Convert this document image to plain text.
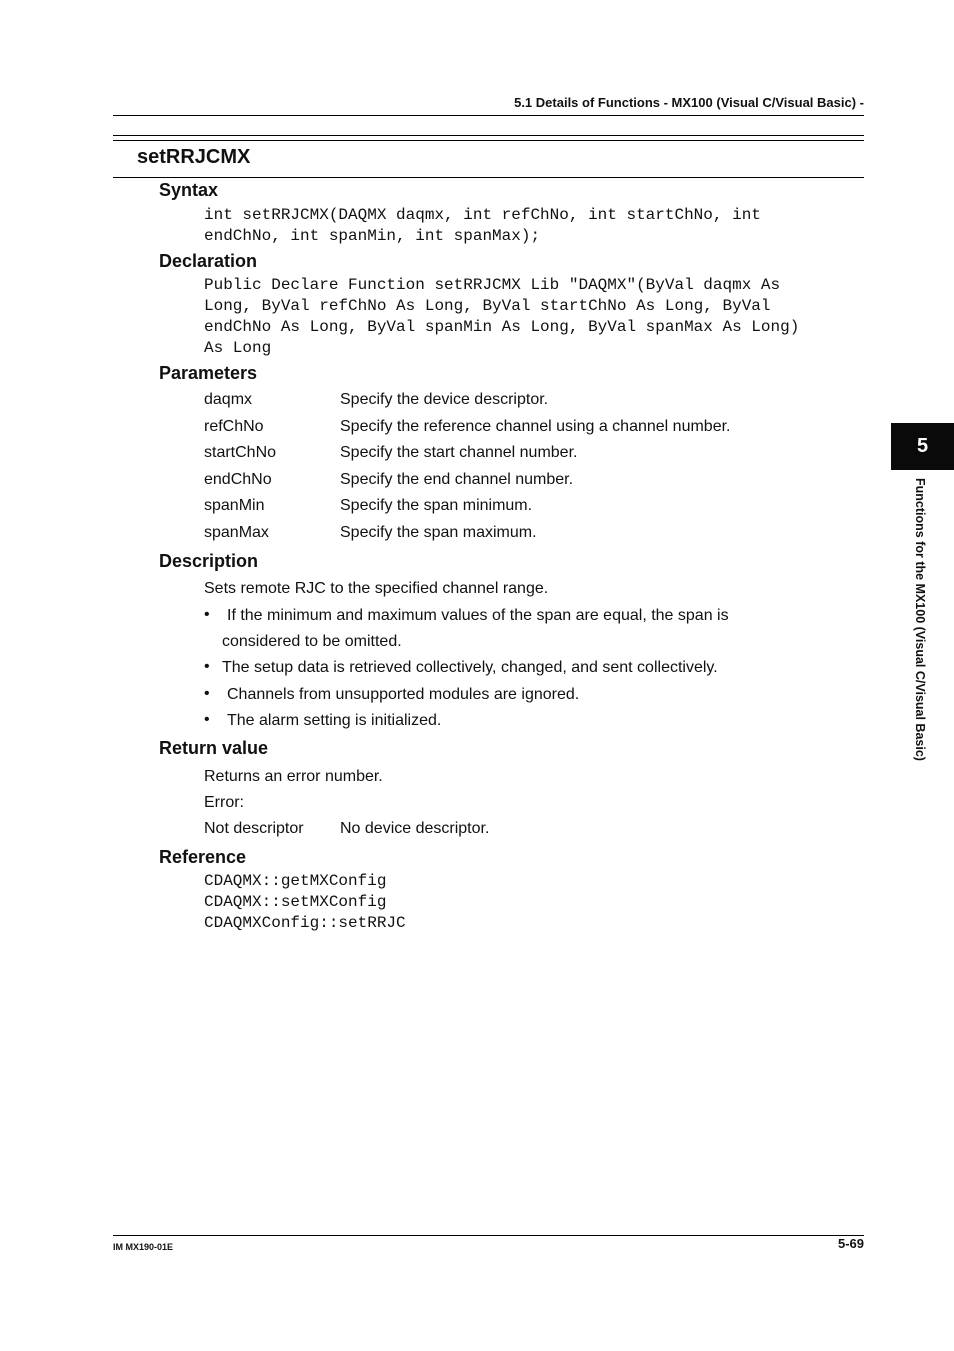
5.1 Details of Functions - MX100 (Visual C/Visual Basic) -
setRRJCMX
Syntax
int setRRJCMX(DAQMX daqmx, int refChNo, int startChNo, int
endChNo, int spanMin, int spanMax);
Declaration
Public Declare Function setRRJCMX Lib "DAQMX"(ByVal daqmx As
Long, ByVal refChNo As Long, ByVal startChNo As Long, ByVal
endChNo As Long, ByVal spanMin As Long, ByVal spanMax As Long)
As Long
Parameters
daqmx	Specify the device descriptor.
refChNo	Specify the reference channel using a channel number.
startChNo	Specify the start channel number.
endChNo	Specify the end channel number.
spanMin	Specify the span minimum.
spanMax	Specify the span maximum.
Description
Sets remote RJC to the specified channel range.
• If the minimum and maximum values of the span are equal, the span is
considered to be omitted.
• The setup data is retrieved collectively, changed, and sent collectively.
• Channels from unsupported modules are ignored.
• The alarm setting is initialized.
Return value
Returns an error number.
Error:
Not descriptor No device descriptor.
Reference
CDAQMX::getMXConfig
CDAQMX::setMXConfig
CDAQMXConfig::setRRJC
5
Functions for the MX100 (Visual C/Visual Basic)
IM MX190-01E	5-69
